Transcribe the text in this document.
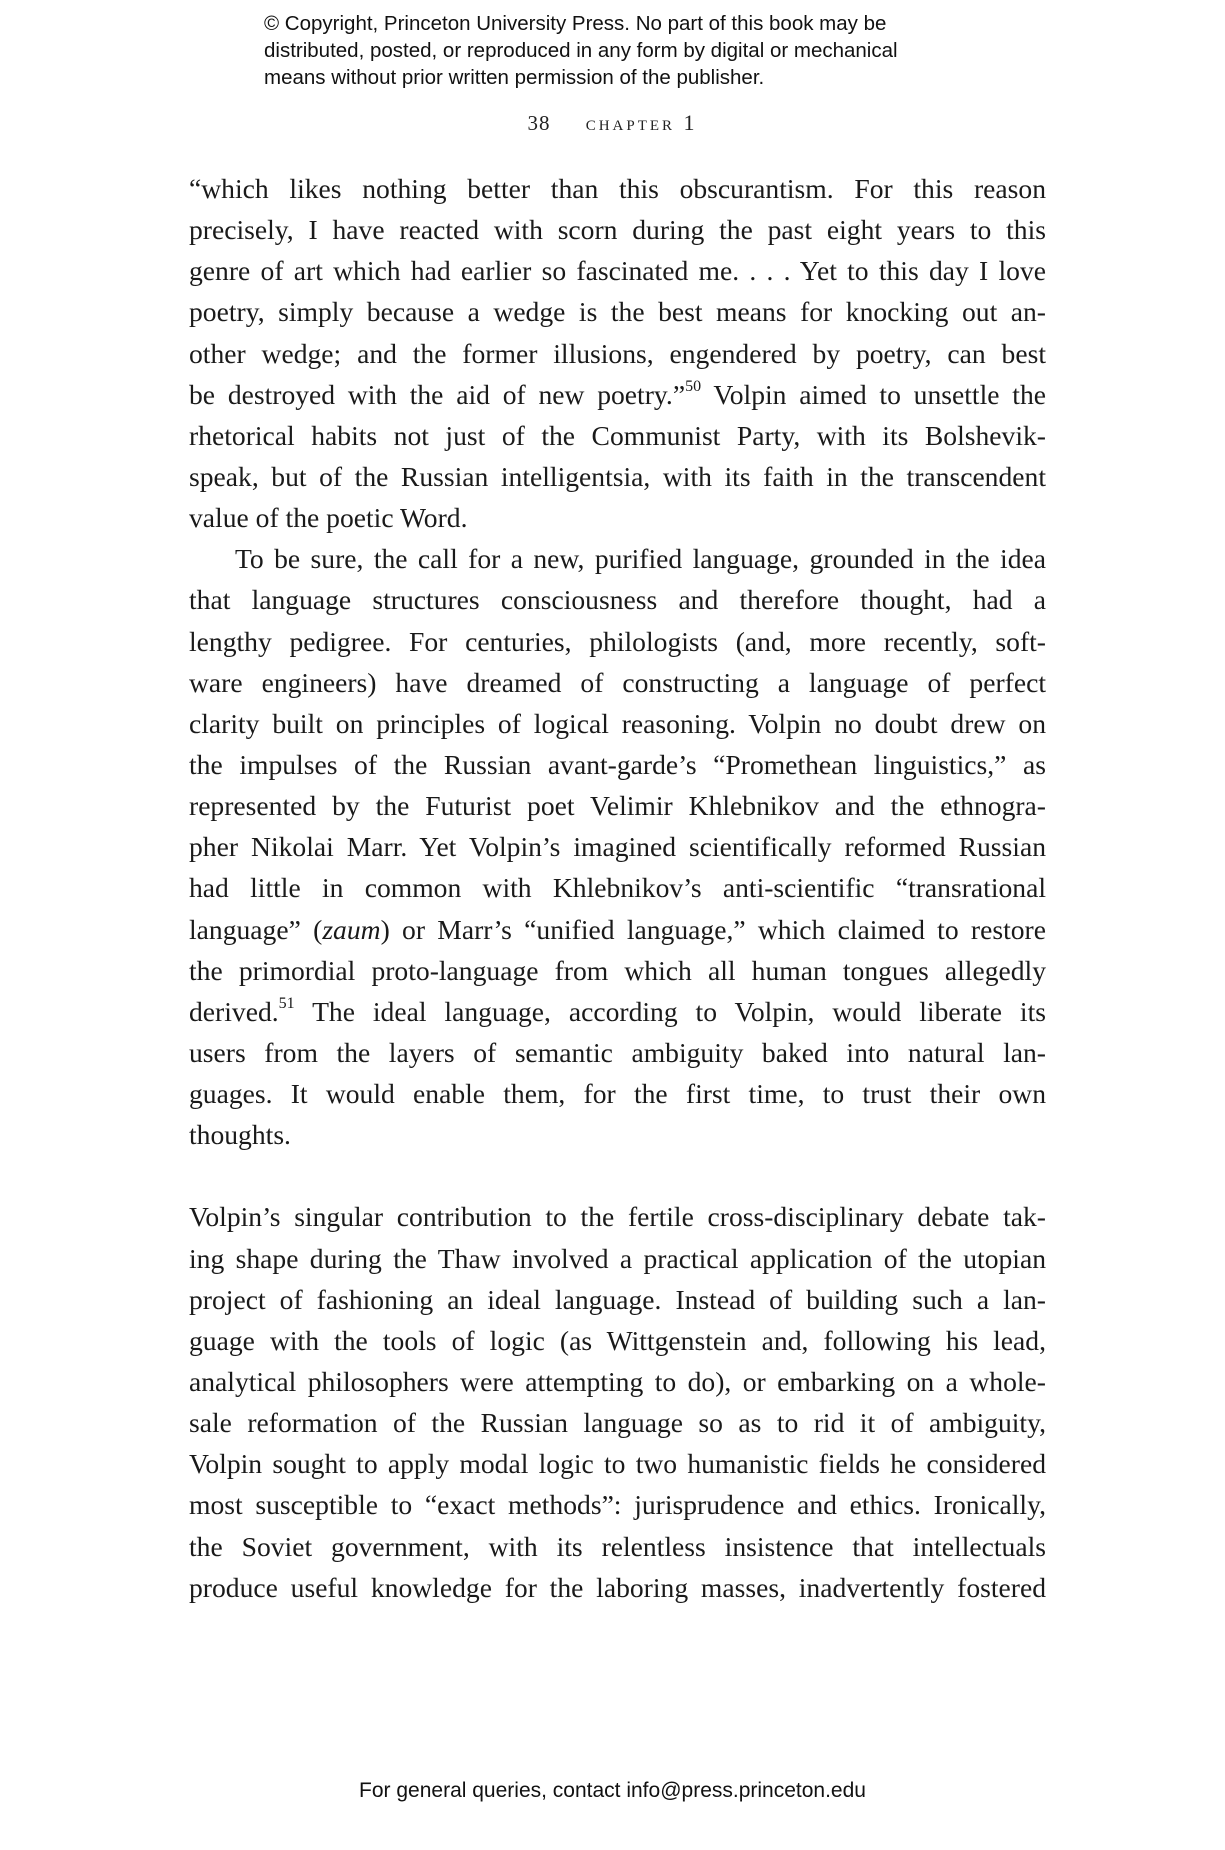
© Copyright, Princeton University Press. No part of this book may be
distributed, posted, or reproduced in any form by digital or mechanical
means without prior written permission of the publisher.
38 chapter 1
“which likes nothing better than this obscurantism. For this reason
precisely, I have reacted with scorn during the past eight years to this
genre of art which had earlier so fascinated me. . . . Yet to this day I love
poetry, simply because a wedge is the best means for knocking out an-
other wedge; and the former illusions, engendered by poetry, can best
be destroyed with the aid of new poetry.”$^{50}$ Volpin aimed to unsettle the
rhetorical habits not just of the Communist Party, with its Bolshevik-
speak, but of the Russian intelligentsia, with its faith in the transcendent
value of the poetic Word.
To be sure, the call for a new, purified language, grounded in the idea
that language structures consciousness and therefore thought, had a
lengthy pedigree. For centuries, philologists (and, more recently, soft-
ware engineers) have dreamed of constructing a language of perfect
clarity built on principles of logical reasoning. Volpin no doubt drew on
the impulses of the Russian avant-garde’s “Promethean linguistics,” as
represented by the Futurist poet Velimir Khlebnikov and the ethnogra-
pher Nikolai Marr. Yet Volpin’s imagined scientifically reformed Russian
had little in common with Khlebnikov’s anti-scientific “transrational
language” (zaum) or Marr’s “unified language,” which claimed to restore
the primordial proto-language from which all human tongues allegedly
derived.$^{51}$ The ideal language, according to Volpin, would liberate its
users from the layers of semantic ambiguity baked into natural lan-
guages. It would enable them, for the first time, to trust their own
thoughts.
Volpin’s singular contribution to the fertile cross-disciplinary debate tak-
ing shape during the Thaw involved a practical application of the utopian
project of fashioning an ideal language. Instead of building such a lan-
guage with the tools of logic (as Wittgenstein and, following his lead,
analytical philosophers were attempting to do), or embarking on a whole-
sale reformation of the Russian language so as to rid it of ambiguity,
Volpin sought to apply modal logic to two humanistic fields he considered
most susceptible to “exact methods”: jurisprudence and ethics. Ironically,
the Soviet government, with its relentless insistence that intellectuals
produce useful knowledge for the laboring masses, inadvertently fostered
For general queries, contact info@press.princeton.edu
